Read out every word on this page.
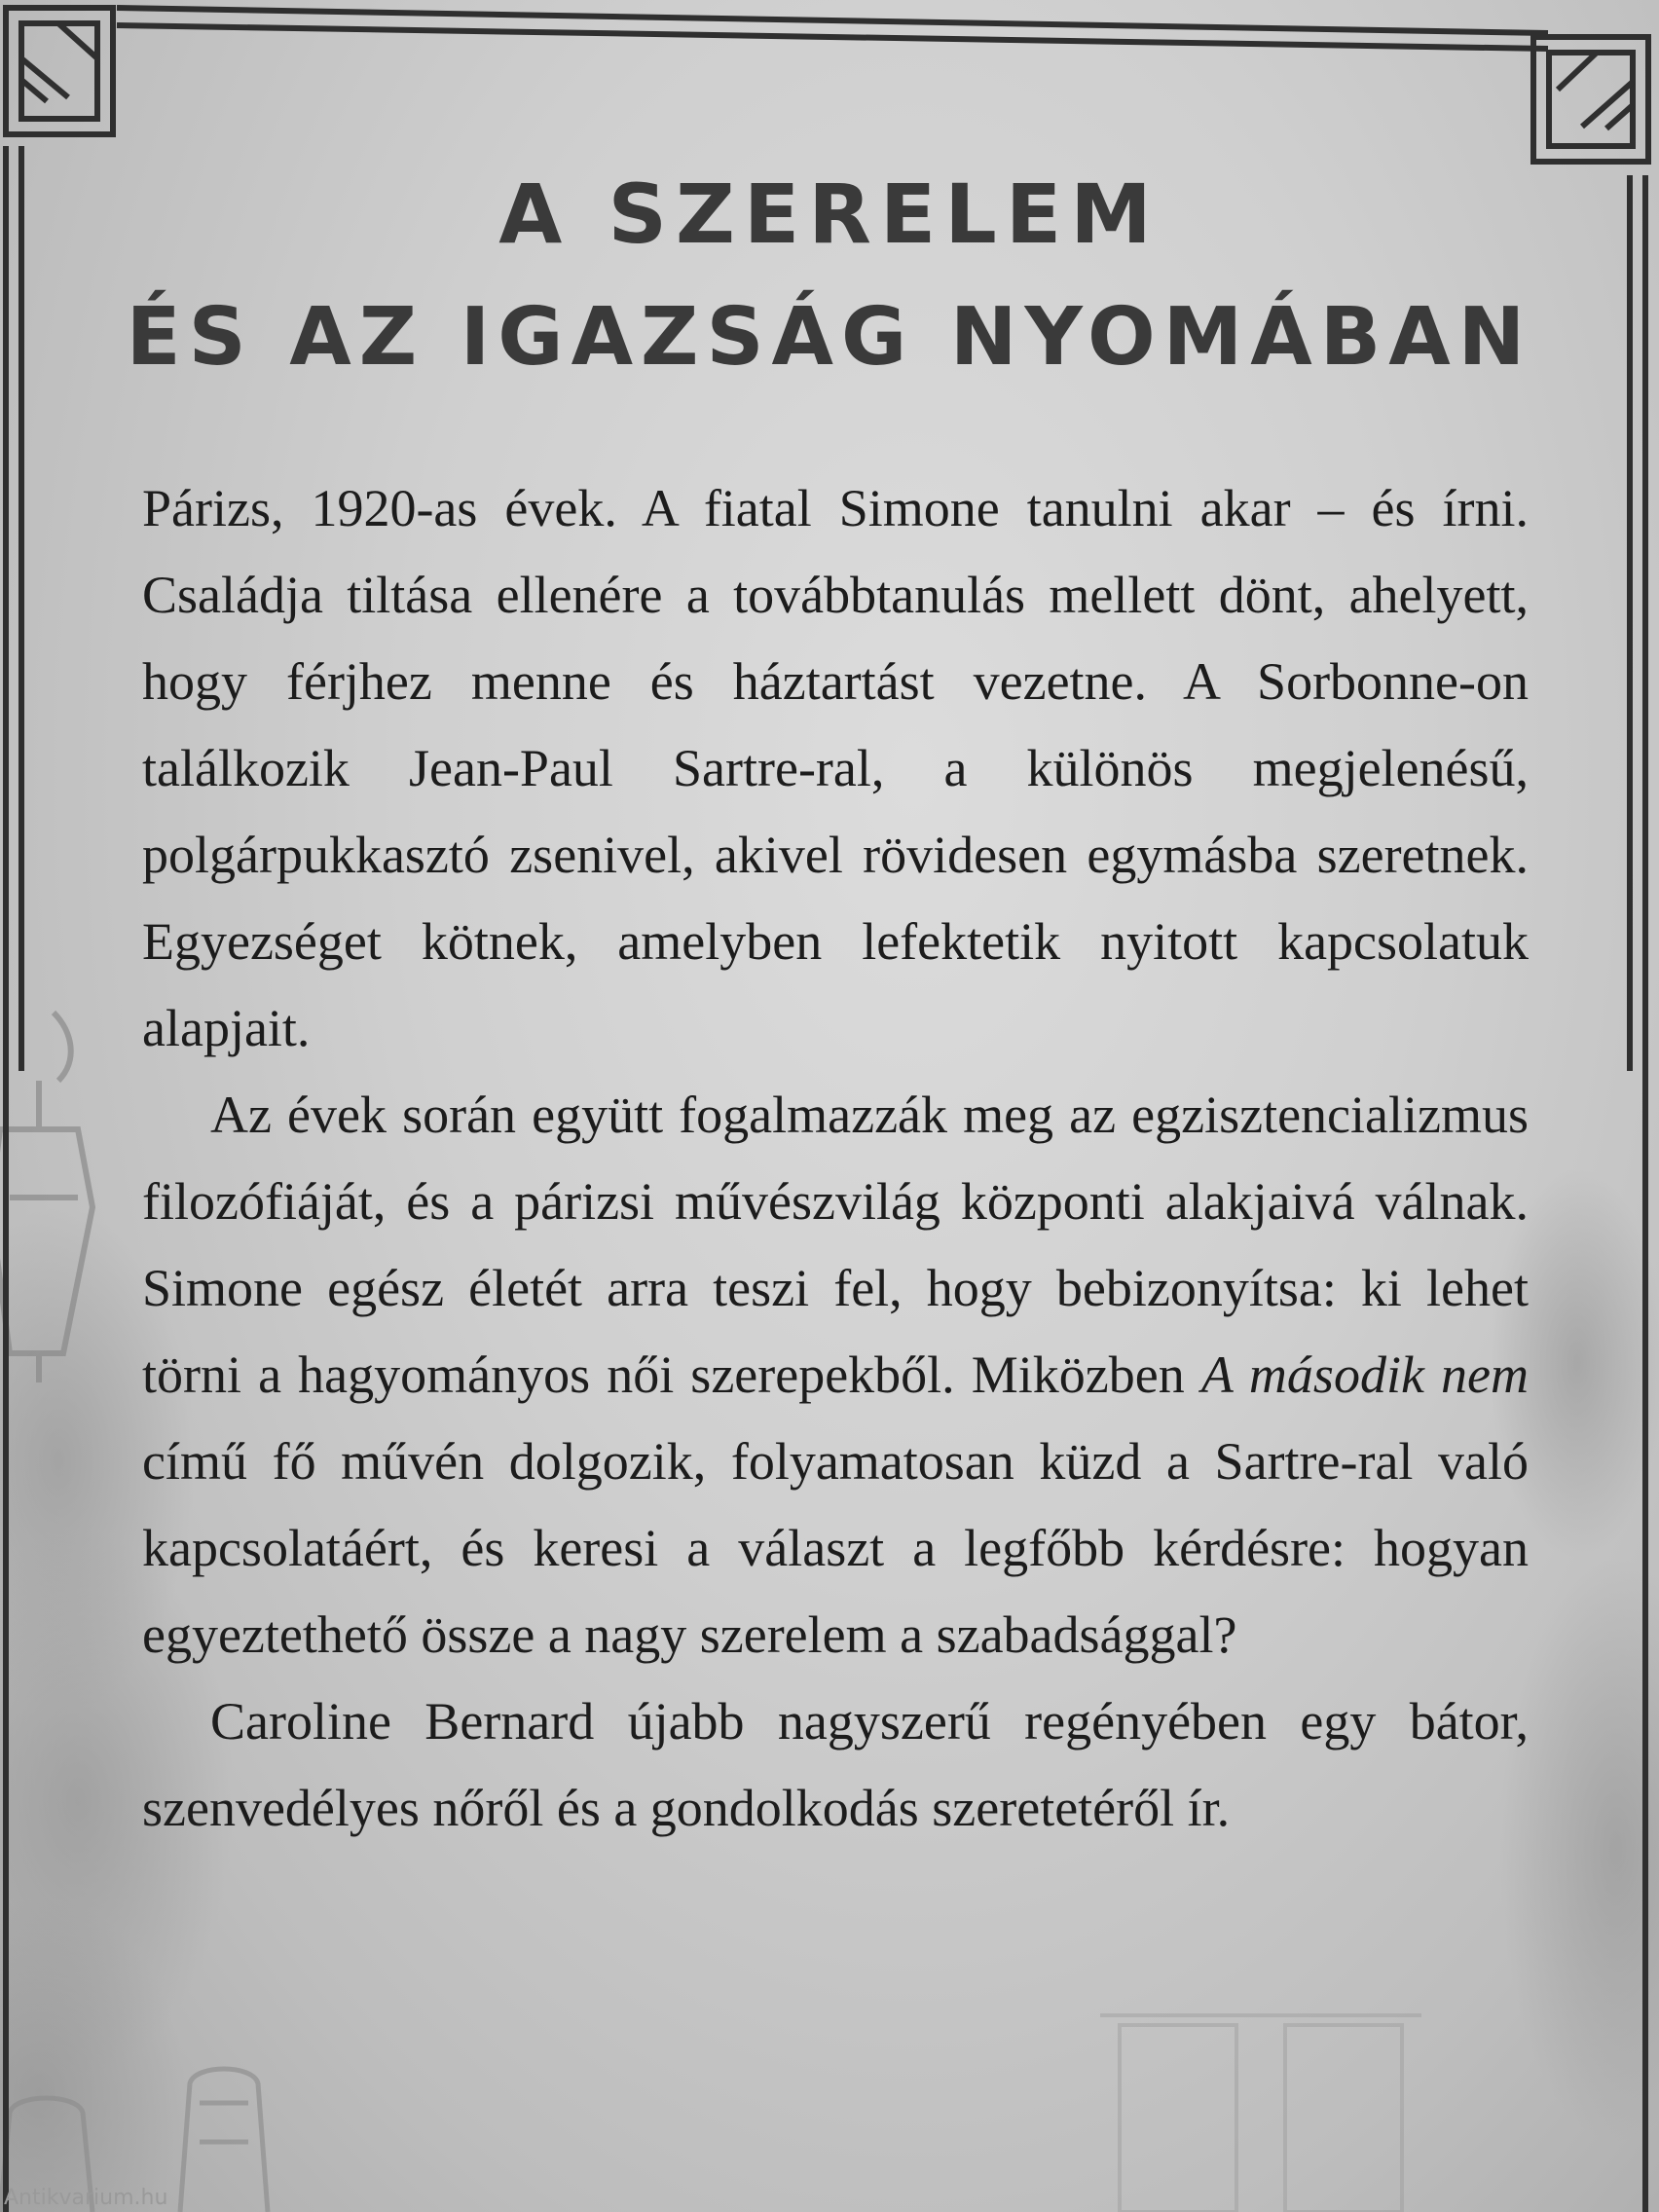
A SZERELEM
ÉS AZ IGAZSÁG NYOMÁBAN

Párizs, 1920-as évek. A fiatal Simone tanulni akar – és írni. Családja tiltása ellenére a továbbtanulás mellett dönt, ahelyett, hogy férjhez menne és háztartást vezetne. A Sorbonne-on találkozik Jean-Paul Sartre-ral, a különös megjelenésű, polgárpukkasztó zsenivel, akivel rövidesen egymásba szeretnek. Egyezséget kötnek, amelyben lefektetik nyitott kapcsolatuk alapjait.

Az évek során együtt fogalmazzák meg az egzisztencializmus filozófiáját, és a párizsi művészvilág központi alakjaivá válnak. Simone egész életét arra teszi fel, hogy bebizonyítsa: ki lehet törni a hagyományos női szerepekből. Miközben A második nem című fő művén dolgozik, folyamatosan küzd a Sartre-ral való kapcsolatáért, és keresi a választ a legfőbb kérdésre: hogyan egyeztethető össze a nagy szerelem a szabadsággal?

Caroline Bernard újabb nagyszerű regényében egy bátor, szenvedélyes nőről és a gondolkodás szeretetéről ír.

Antikvarium.hu
